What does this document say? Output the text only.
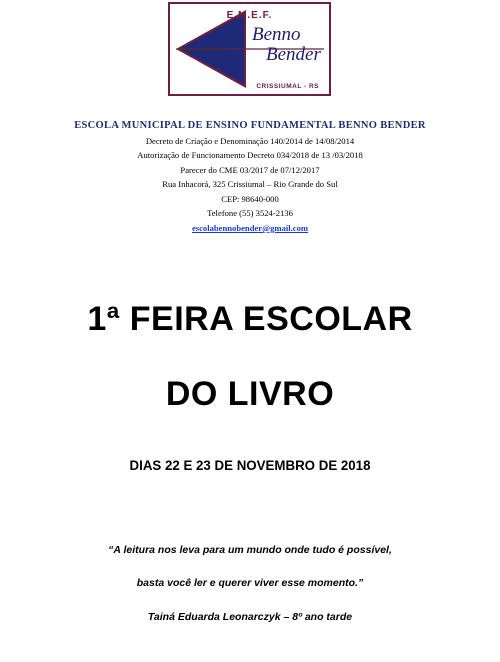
E.M.E.F.
"Educar para ser melhor"
Benno
Bender
CRISSIUMAL - RS
ESCOLA MUNICIPAL DE ENSINO FUNDAMENTAL BENNO BENDER
Decreto de Criação e Denominação 140/2014 de 14/08/2014
Autorização de Funcionamento Decreto 034/2018 de 13 /03/2018
Parecer do CME 03/2017 de 07/12/2017
Rua Inhacorá, 325 Crissiumal – Rio Grande do Sul
CEP: 98640-000
Telefone (55) 3524-2136
escolabennobender@gmail.com
1ª FEIRA ESCOLAR
DO LIVRO
DIAS 22 E 23 DE NOVEMBRO DE 2018
“A leitura nos leva para um mundo onde tudo é possível,
basta você ler e querer viver esse momento.”
Tainá Eduarda Leonarczyk – 8º ano tarde
